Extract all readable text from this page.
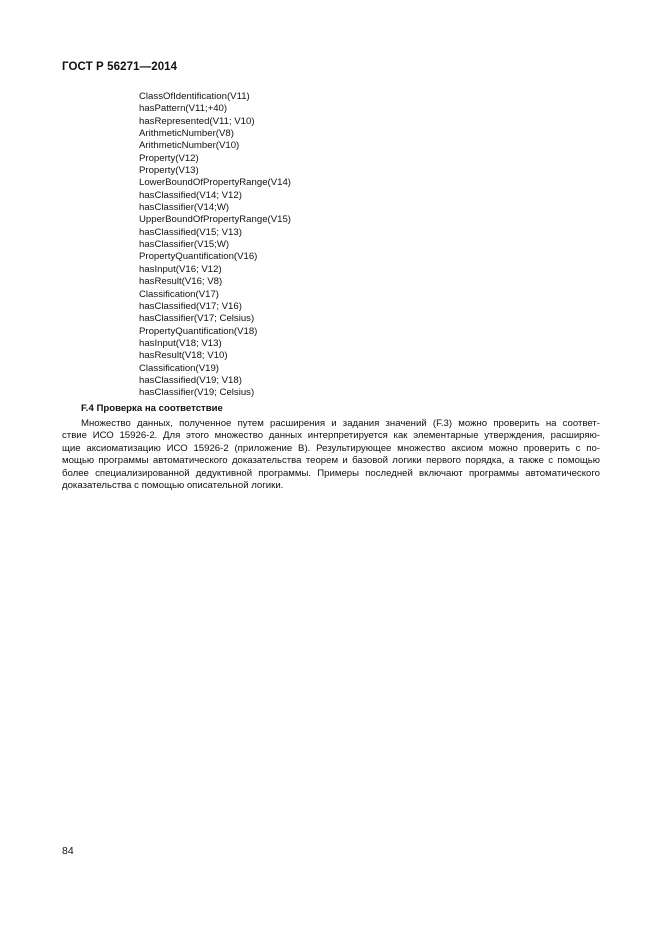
ГОСТ Р 56271—2014
ClassOfIdentification(V11)
hasPattern(V11;+40)
hasRepresented(V11; V10)
ArithmeticNumber(V8)
ArithmeticNumber(V10)
Property(V12)
Property(V13)
LowerBoundOfPropertyRange(V14)
hasClassified(V14; V12)
hasClassifier(V14;W)
UpperBoundOfPropertyRange(V15)
hasClassified(V15; V13)
hasClassifier(V15;W)
PropertyQuantification(V16)
hasInput(V16; V12)
hasResult(V16; V8)
Classification(V17)
hasClassified(V17; V16)
hasClassifier(V17; Celsius)
PropertyQuantification(V18)
hasInput(V18; V13)
hasResult(V18; V10)
Classification(V19)
hasClassified(V19; V18)
hasClassifier(V19; Celsius)
F.4 Проверка на соответствие
Множество данных, полученное путем расширения и задания значений (F.3) можно проверить на соответ-
ствие ИСО 15926-2. Для этого множество данных интерпретируется как элементарные утверждения, расширяю-
щие аксиоматизацию ИСО 15926-2 (приложение В). Результирующее множество аксиом можно проверить с по-
мощью программы автоматического доказательства теорем и базовой логики первого порядка, а также с помощью
более специализированной дедуктивной программы. Примеры последней включают программы автоматического
доказательства с помощью описательной логики.
84
